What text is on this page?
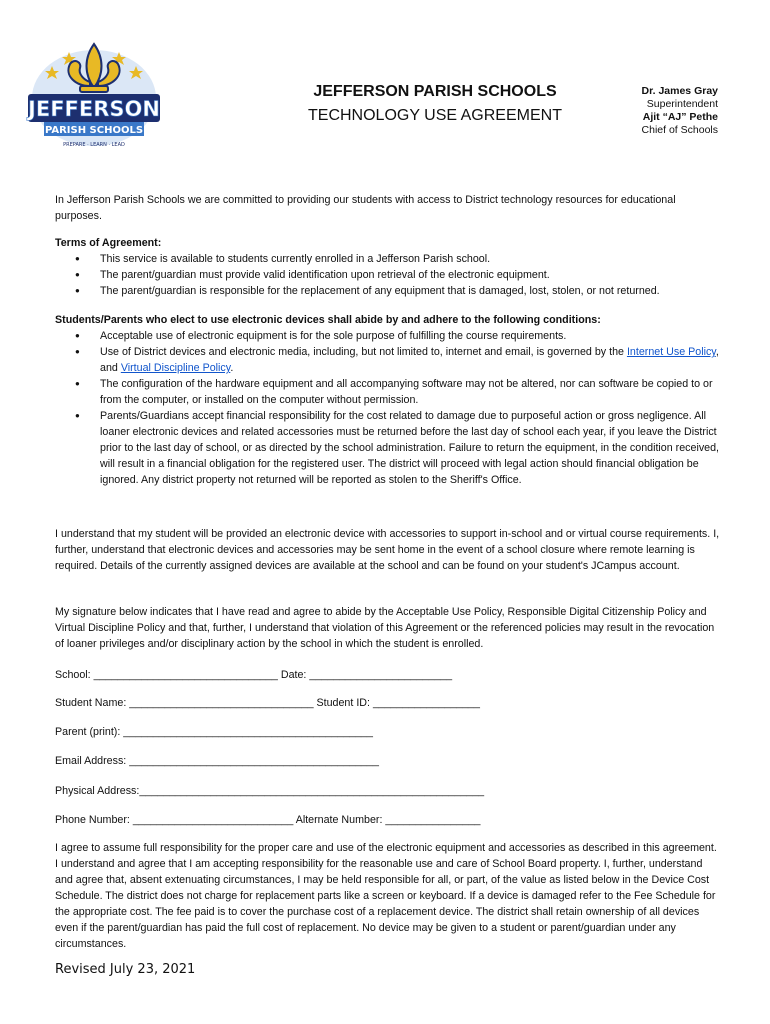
JEFFERSON
PARISH SCHOOLS
PREPARE · LEARN · LEAD
JEFFERSON PARISH SCHOOLS
TECHNOLOGY USE AGREEMENT
Dr. James Gray
Superintendent
Ajit “AJ” Pethe
Chief of Schools

In Jefferson Parish Schools we are committed to providing our students with access to District technology resources for educational purposes.

Terms of Agreement:
● This service is available to students currently enrolled in a Jefferson Parish school.
● The parent/guardian must provide valid identification upon retrieval of the electronic equipment.
● The parent/guardian is responsible for the replacement of any equipment that is damaged, lost, stolen, or not returned.
Students/Parents who elect to use electronic devices shall abide by and adhere to the following conditions:
● Acceptable use of electronic equipment is for the sole purpose of fulfilling the course requirements.
● Use of District devices and electronic media, including, but not limited to, internet and email, is governed by the Internet Use Policy, and Virtual Discipline Policy.
● The configuration of the hardware equipment and all accompanying software may not be altered, nor can software be copied to or from the computer, or installed on the computer without permission.
● Parents/Guardians accept financial responsibility for the cost related to damage due to purposeful action or gross negligence. All loaner electronic devices and related accessories must be returned before the last day of school each year, if you leave the District prior to the last day of school, or as directed by the school administration. Failure to return the equipment, in the condition received, will result in a financial obligation for the registered user. The district will proceed with legal action should financial obligation be ignored. Any district property not returned will be reported as stolen to the Sheriff's Office.

I understand that my student will be provided an electronic device with accessories to support in-school and or virtual course requirements. I, further, understand that electronic devices and accessories may be sent home in the event of a school closure where remote learning is required. Details of the currently assigned devices are available at the school and can be found on your student's JCampus account.

My signature below indicates that I have read and agree to abide by the Acceptable Use Policy, Responsible Digital Citizenship Policy and Virtual Discipline Policy and that, further, I understand that violation of this Agreement or the referenced policies may result in the revocation of loaner privileges and/or disciplinary action by the school in which the student is enrolled.

School: _______________________________ Date: ________________________
Student Name: _______________________________ Student ID: __________________
Parent (print): __________________________________________
Email Address: __________________________________________
Physical Address:__________________________________________________________
Phone Number: ___________________________ Alternate Number: ________________

I agree to assume full responsibility for the proper care and use of the electronic equipment and accessories as described in this agreement. I understand and agree that I am accepting responsibility for the reasonable use and care of School Board property. I, further, understand and agree that, absent extenuating circumstances, I may be held responsible for all, or part, of the value as listed below in the Device Cost Schedule. The district does not charge for replacement parts like a screen or keyboard. If a device is damaged refer to the Fee Schedule for the appropriate cost. The fee paid is to cover the purchase cost of a replacement device. The district shall retain ownership of all devices even if the parent/guardian has paid the full cost of replacement. No device may be given to a student or parent/guardian under any circumstances.

Revised July 23, 2021
